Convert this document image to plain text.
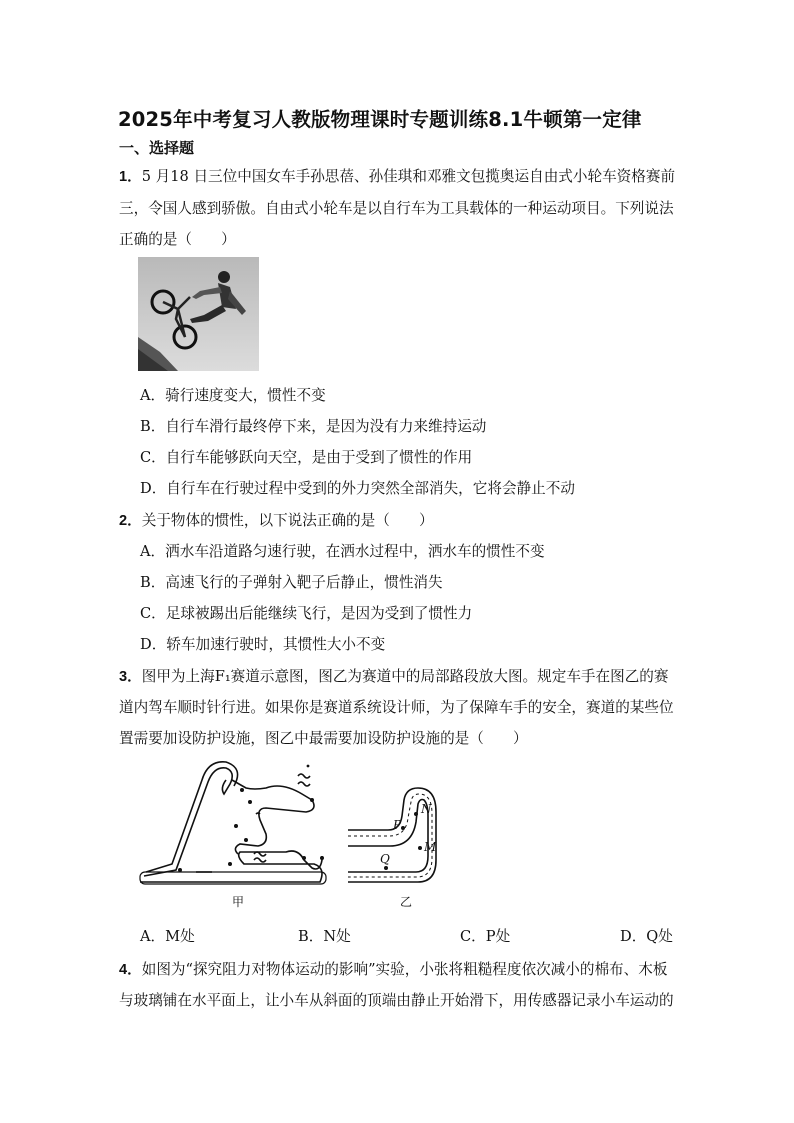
2025年中考复习人教版物理课时专题训练8.1牛顿第一定律
一、选择题
1．5 月18 日三位中国女车手孙思蓓、孙佳琪和邓雅文包揽奥运自由式小轮车资格赛前
三，令国人感到骄傲。自由式小轮车是以自行车为工具载体的一种运动项目。下列说法
正确的是（　　）
A．骑行速度变大，惯性不变
B．自行车滑行最终停下来，是因为没有力来维持运动
C．自行车能够跃向天空，是由于受到了惯性的作用
D．自行车在行驶过程中受到的外力突然全部消失，它将会静止不动
2．关于物体的惯性，以下说法正确的是（　　）
A．洒水车沿道路匀速行驶，在洒水过程中，洒水车的惯性不变
B．高速飞行的子弹射入靶子后静止，惯性消失
C．足球被踢出后能继续飞行，是因为受到了惯性力
D．轿车加速行驶时，其惯性大小不变
3．图甲为上海F₁赛道示意图，图乙为赛道中的局部路段放大图。规定车手在图乙的赛
道内驾车顺时针行进。如果你是赛道系统设计师，为了保障车手的安全，赛道的某些位
置需要加设防护设施，图乙中最需要加设防护设施的是（　　）
N
P
M
Q
甲	乙
A．M处	B．N处	C．P处	D．Q处
4．如图为“探究阻力对物体运动的影响”实验，小张将粗糙程度依次减小的棉布、木板
与玻璃铺在水平面上，让小车从斜面的顶端由静止开始滑下，用传感器记录小车运动的
